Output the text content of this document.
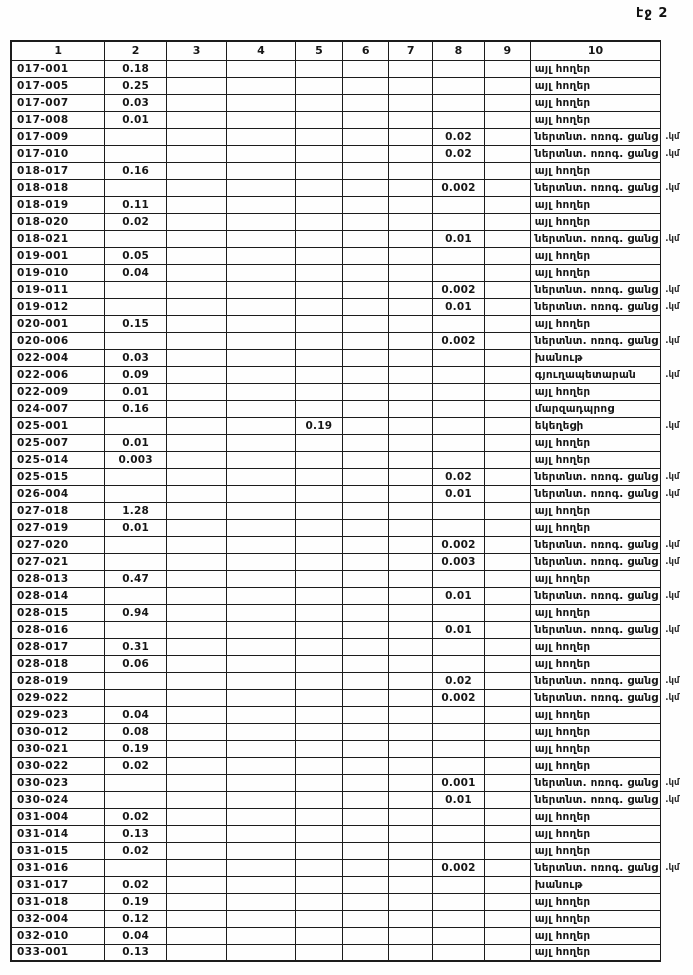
էջ 2
1	2	3	4	5	6	7	8	9	10	
017-001	0.18								այլ հողեր	
017-005	0.25								այլ հողեր	
017-007	0.03								այլ հողեր	
017-008	0.01								այլ հողեր	
017-009							0.02		ներտնտ. ոռոգ. ցանց	. կմ
017-010							0.02		ներտնտ. ոռոգ. ցանց	. կմ
018-017	0.16								այլ հողեր	
018-018							0.002		ներտնտ. ոռոգ. ցանց	. կմ
018-019	0.11								այլ հողեր	
018-020	0.02								այլ հողեր	
018-021							0.01		ներտնտ. ոռոգ. ցանց	. կմ
019-001	0.05								այլ հողեր	
019-010	0.04								այլ հողեր	
019-011							0.002		ներտնտ. ոռոգ. ցանց	. կմ
019-012							0.01		ներտնտ. ոռոգ. ցանց	. կմ
020-001	0.15								այլ հողեր	
020-006							0.002		ներտնտ. ոռոգ. ցանց	. կմ
022-004	0.03								խանութ	
022-006	0.09								գյուղապետարան	. կմ
022-009	0.01								այլ հողեր	
024-007	0.16								մարզադպրոց	
025-001				0.19					եկեղեցի	. կմ
025-007	0.01								այլ հողեր	
025-014	0.003								այլ հողեր	
025-015							0.02		ներտնտ. ոռոգ. ցանց	. կմ
026-004							0.01		ներտնտ. ոռոգ. ցանց	. կմ
027-018	1.28								այլ հողեր	
027-019	0.01								այլ հողեր	
027-020							0.002		ներտնտ. ոռոգ. ցանց	. կմ
027-021							0.003		ներտնտ. ոռոգ. ցանց	. կմ
028-013	0.47								այլ հողեր	
028-014							0.01		ներտնտ. ոռոգ. ցանց	. կմ
028-015	0.94								այլ հողեր	
028-016							0.01		ներտնտ. ոռոգ. ցանց	. կմ
028-017	0.31								այլ հողեր	
028-018	0.06								այլ հողեր	
028-019							0.02		ներտնտ. ոռոգ. ցանց	. կմ
029-022							0.002		ներտնտ. ոռոգ. ցանց	. կմ
029-023	0.04								այլ հողեր	
030-012	0.08								այլ հողեր	
030-021	0.19								այլ հողեր	
030-022	0.02								այլ հողեր	
030-023							0.001		ներտնտ. ոռոգ. ցանց	. կմ
030-024							0.01		ներտնտ. ոռոգ. ցանց	. կմ
031-004	0.02								այլ հողեր	
031-014	0.13								այլ հողեր	
031-015	0.02								այլ հողեր	
031-016							0.002		ներտնտ. ոռոգ. ցանց	. կմ
031-017	0.02								խանութ	
031-018	0.19								այլ հողեր	
032-004	0.12								այլ հողեր	
032-010	0.04								այլ հողեր	
033-001	0.13								այլ հողեր	
